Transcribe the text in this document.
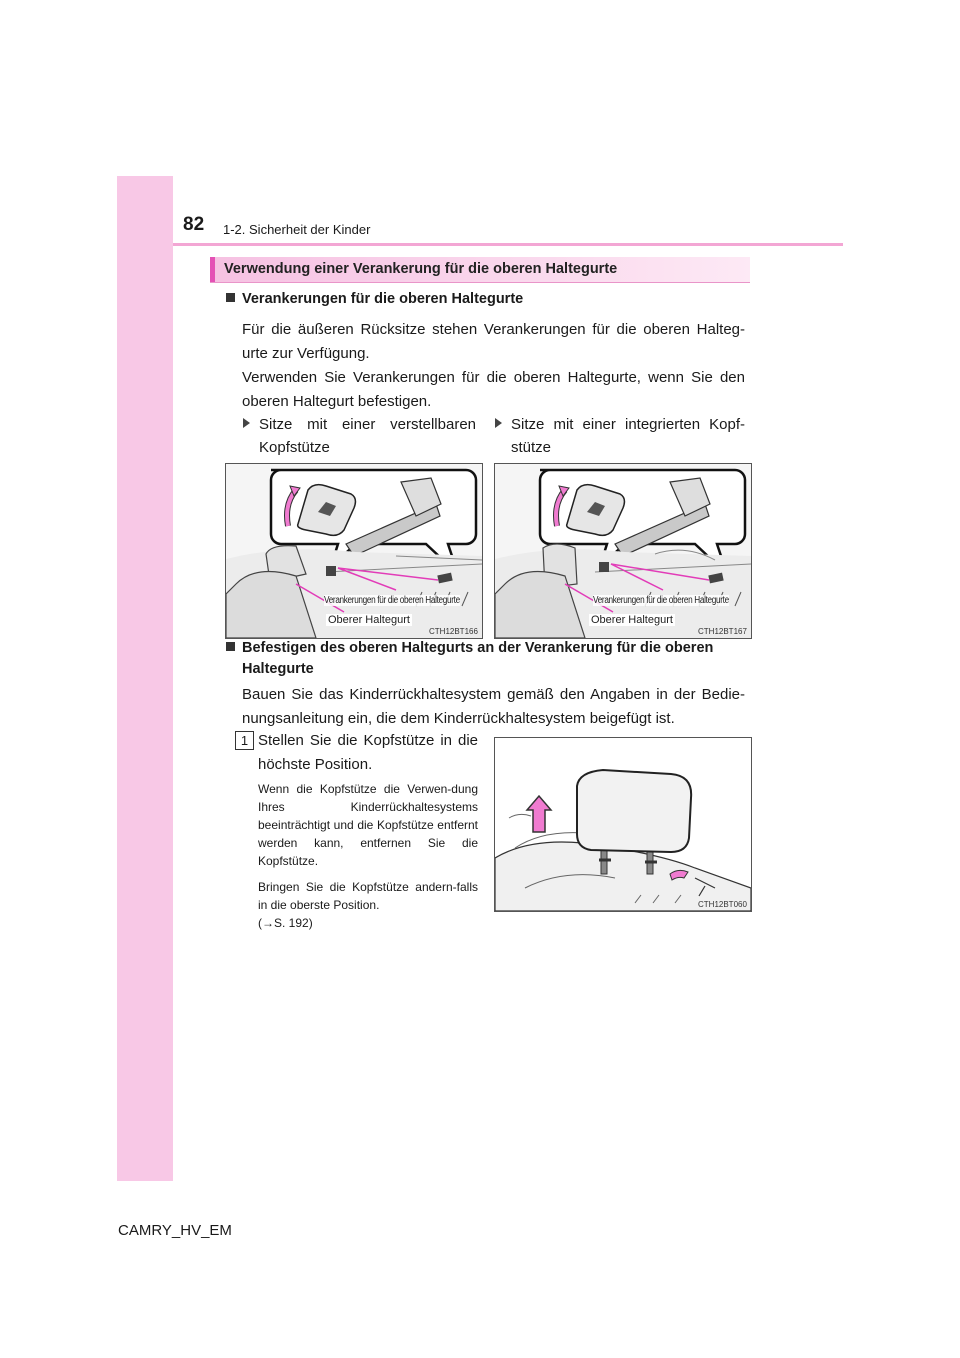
82 1-2. Sicherheit der Kinder
Verwendung einer Verankerung für die oberen Haltegurte
Verankerungen für die oberen Haltegurte
Für die äußeren Rücksitze stehen Verankerungen für die oberen Halteg-urte zur Verfügung.
Verwenden Sie Verankerungen für die oberen Haltegurte, wenn Sie den oberen Haltegurt befestigen.
Sitze mit einer verstellbaren Kopfstütze
Sitze mit einer integrierten Kopf-stütze
Verankerungen für die oberen Haltegurte
Oberer Haltegurt
CTH12BT166
Verankerungen für die oberen Haltegurte
Oberer Haltegurt
CTH12BT167
Befestigen des oberen Haltegurts an der Verankerung für die oberen
Haltegurte
Bauen Sie das Kinderrückhaltesystem gemäß den Angaben in der Bedie-nungsanleitung ein, die dem Kinderrückhaltesystem beigefügt ist.
1 Stellen Sie die Kopfstütze in die höchste Position.
Wenn die Kopfstütze die Verwen-dung Ihres Kinderrückhaltesystems beeinträchtigt und die Kopfstütze entfernt werden kann, entfernen Sie die Kopfstütze.
Bringen Sie die Kopfstütze andern-falls in die oberste Position.
(→S. 192)
CTH12BT060
CAMRY_HV_EM
